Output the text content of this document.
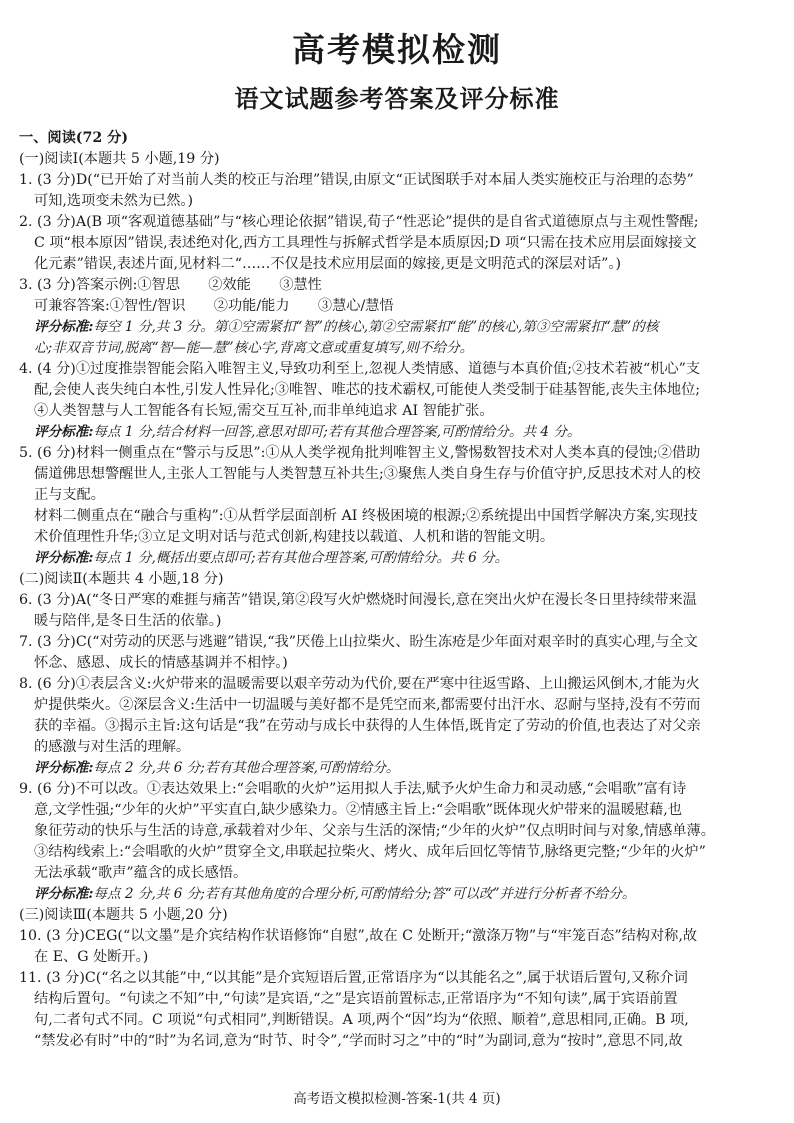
高考模拟检测
语文试题参考答案及评分标准
一、阅读(72 分)
(一)阅读Ⅰ(本题共 5 小题,19 分)
1. (3 分)D(“已开始了对当前人类的校正与治理”错误,由原文“正试图联手对本届人类实施校正与治理的态势”
可知,选项变未然为已然。)
2. (3 分)A(B 项“客观道德基础”与“核心理论依据”错误,荀子“性恶论”提供的是自省式道德原点与主观性警醒;
C 项“根本原因”错误,表述绝对化,西方工具理性与拆解式哲学是本质原因;D 项“只需在技术应用层面嫁接文
化元素”错误,表述片面,见材料二“……不仅是技术应用层面的嫁接,更是文明范式的深层对话”。)
3. (3 分)答案示例:①智思　　②效能　　③慧性
可兼容答案:①智性/智识　　②功能/能力　　③慧心/慧悟
评分标准:每空 1 分,共 3 分。第①空需紧扣“智”的核心,第②空需紧扣“能”的核心,第③空需紧扣“慧”的核
心;非双音节词,脱离“智—能—慧”核心字,背离文意或重复填写,则不给分。
4. (4 分)①过度推崇智能会陷入唯智主义,导致功利至上,忽视人类情感、道德与本真价值;②技术若被“机心”支
配,会使人丧失纯白本性,引发人性异化;③唯智、唯芯的技术霸权,可能使人类受制于硅基智能,丧失主体地位;
④人类智慧与人工智能各有长短,需交互互补,而非单纯追求 AI 智能扩张。
评分标准:每点 1 分,结合材料一回答,意思对即可;若有其他合理答案,可酌情给分。共 4 分。
5. (6 分)材料一侧重点在“警示与反思”:①从人类学视角批判唯智主义,警惕数智技术对人类本真的侵蚀;②借助
儒道佛思想警醒世人,主张人工智能与人类智慧互补共生;③聚焦人类自身生存与价值守护,反思技术对人的校
正与支配。
材料二侧重点在“融合与重构”:①从哲学层面剖析 AI 终极困境的根源;②系统提出中国哲学解决方案,实现技
术价值理性升华;③立足文明对话与范式创新,构建技以载道、人机和谐的智能文明。
评分标准:每点 1 分,概括出要点即可;若有其他合理答案,可酌情给分。共 6 分。
(二)阅读Ⅱ(本题共 4 小题,18 分)
6. (3 分)A(“冬日严寒的难捱与痛苦”错误,第②段写火炉燃烧时间漫长,意在突出火炉在漫长冬日里持续带来温
暖与陪伴,是冬日生活的依靠。)
7. (3 分)C(“对劳动的厌恶与逃避”错误,“我”厌倦上山拉柴火、盼生冻疮是少年面对艰辛时的真实心理,与全文
怀念、感恩、成长的情感基调并不相悖。)
8. (6 分)①表层含义:火炉带来的温暖需要以艰辛劳动为代价,要在严寒中往返雪路、上山搬运风倒木,才能为火
炉提供柴火。②深层含义:生活中一切温暖与美好都不是凭空而来,都需要付出汗水、忍耐与坚持,没有不劳而
获的幸福。③揭示主旨:这句话是“我”在劳动与成长中获得的人生体悟,既肯定了劳动的价值,也表达了对父亲
的感激与对生活的理解。
评分标准:每点 2 分,共 6 分;若有其他合理答案,可酌情给分。
9. (6 分)不可以改。①表达效果上:“会唱歌的火炉”运用拟人手法,赋予火炉生命力和灵动感,“会唱歌”富有诗
意,文学性强;“少年的火炉”平实直白,缺少感染力。②情感主旨上:“会唱歌”既体现火炉带来的温暖慰藉,也
象征劳动的快乐与生活的诗意,承载着对少年、父亲与生活的深情;“少年的火炉”仅点明时间与对象,情感单薄。
③结构线索上:“会唱歌的火炉”贯穿全文,串联起拉柴火、烤火、成年后回忆等情节,脉络更完整;“少年的火炉”
无法承载“歌声”蕴含的成长感悟。
评分标准:每点 2 分,共 6 分;若有其他角度的合理分析,可酌情给分;答“可以改”并进行分析者不给分。
(三)阅读Ⅲ(本题共 5 小题,20 分)
10. (3 分)CEG(“以文墨”是介宾结构作状语修饰“自慰”,故在 C 处断开;“激涤万物”与“牢笼百态”结构对称,故
在 E、G 处断开。)
11. (3 分)C(“名之以其能”中,“以其能”是介宾短语后置,正常语序为“以其能名之”,属于状语后置句,又称介词
结构后置句。“句读之不知”中,“句读”是宾语,“之”是宾语前置标志,正常语序为“不知句读”,属于宾语前置
句,二者句式不同。C 项说“句式相同”,判断错误。A 项,两个“因”均为“依照、顺着”,意思相同,正确。B 项,
“禁发必有时”中的“时”为名词,意为“时节、时令”,“学而时习之”中的“时”为副词,意为“按时”,意思不同,故
高考语文模拟检测-答案-1(共 4 页)
